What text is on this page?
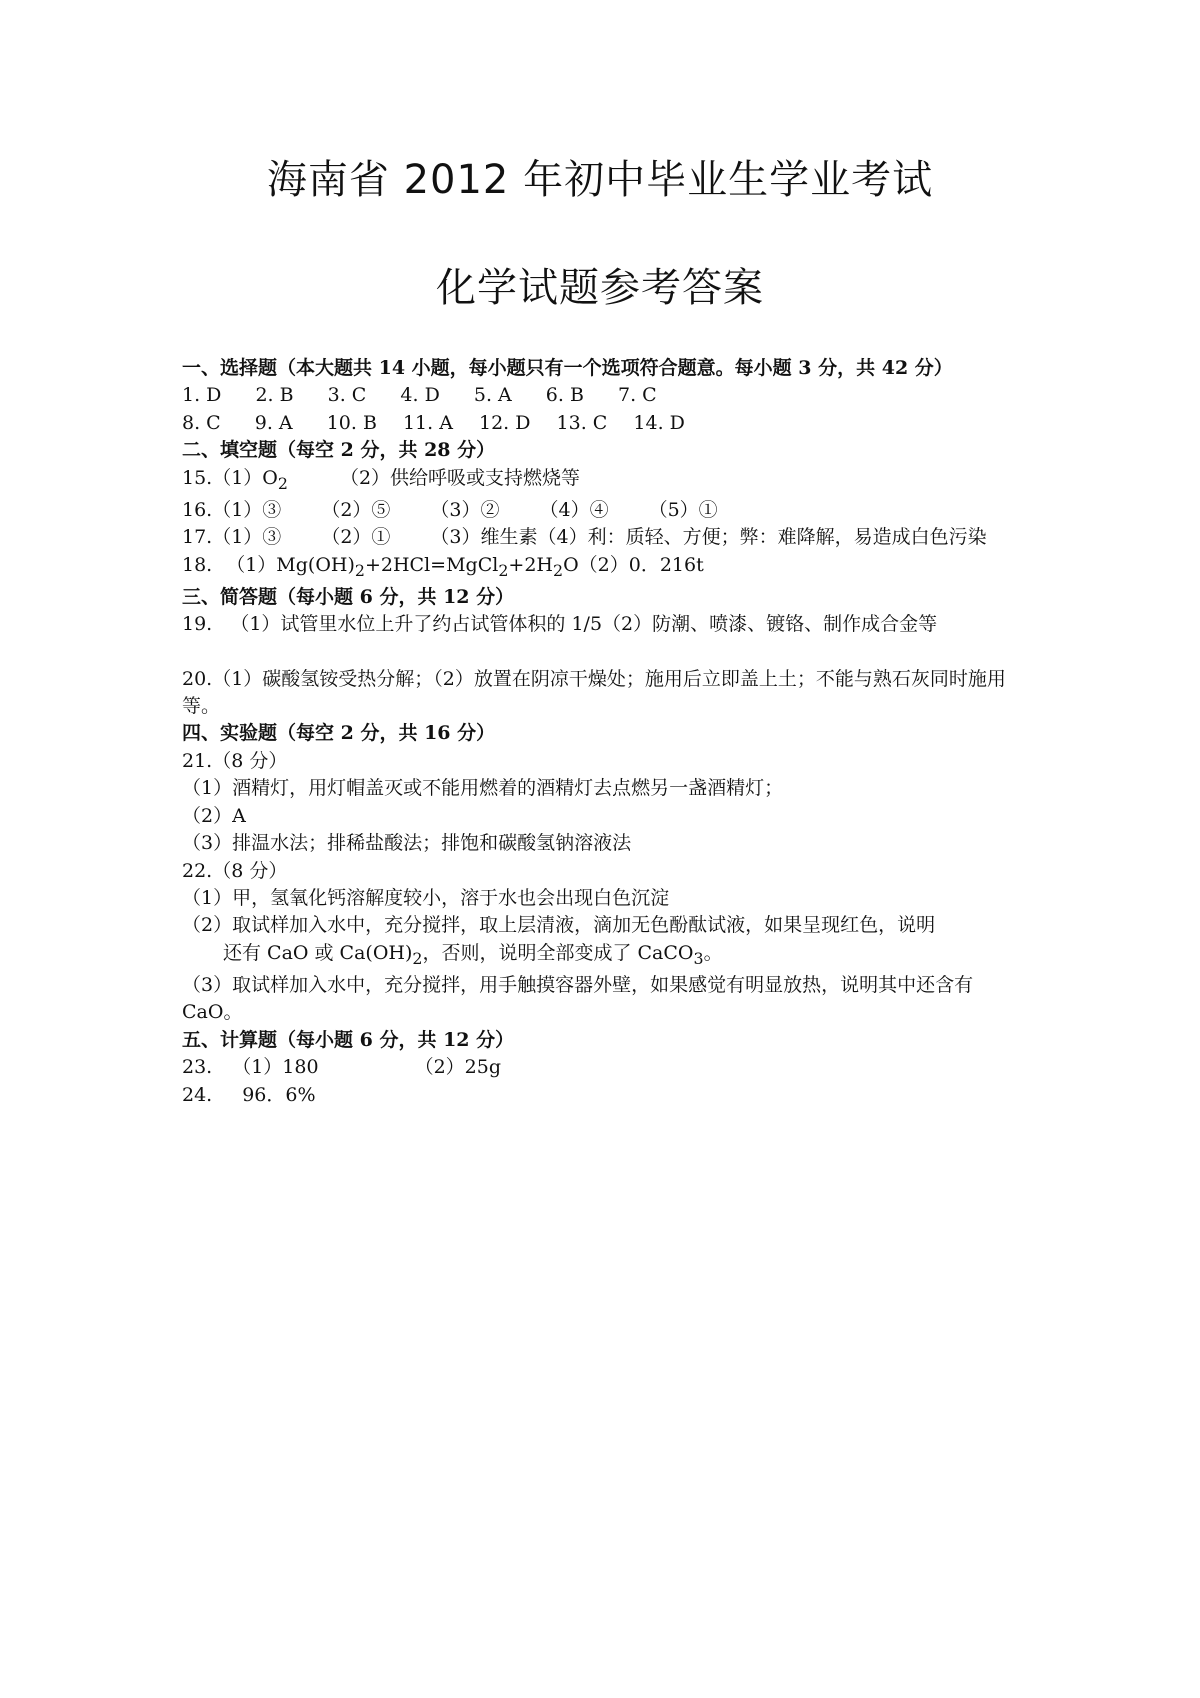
海南省 2012 年初中毕业生学业考试
化学试题参考答案
一、选择题（本大题共 14 小题，每小题只有一个选项符合题意。每小题 3 分，共 42 分）
1. D 2. B 3. C 4. D 5. A 6. B 7. C
8. C 9. A 10. B 11. A 12. D 13. C 14. D
二、填空题（每空 2 分，共 28 分）
$15.(1)O_2$	（2）供给呼吸或支持燃烧等
16.（1）③ （2）⑤ （3）② （4）④ （5）①
17.（1）③ （2）① （3）维生素（4）利：质轻、方便；弊：难降解，易造成白色污染
18. $(1)Mg(OH)_2+2HCl=MgCl_2+2H_2O(2)0$．216t
三、简答题（每小题 6 分，共 12 分）
19.   （1）试管里水位上升了约占试管体积的 1/5（2）防潮、喷漆、镀铬、制作成合金等
20.（1）碳酸氢铵受热分解；（2）放置在阴凉干燥处；施用后立即盖上土；不能与熟石灰同时施用等。
四、实验题（每空 2 分，共 16 分）
21.（8 分）
（1）酒精灯，用灯帽盖灭或不能用燃着的酒精灯去点燃另一盏酒精灯；
（2）A
（3）排温水法；排稀盐酸法；排饱和碳酸氢钠溶液法
22.（8 分）
（1）甲，氢氧化钙溶解度较小，溶于水也会出现白色沉淀
（2）取试样加入水中，充分搅拌，取上层清液，滴加无色酚酞试液，如果呈现红色，说明
还有 CaO 或 $Ca(OH)_2$，否则，说明全部变成了 CaCO$_3$。
（3）取试样加入水中，充分搅拌，用手触摸容器外壁，如果感觉有明显放热，说明其中还含有 CaO。
五、计算题（每小题 6 分，共 12 分）
23. （1）180	（2）25g
24. 96．6%
